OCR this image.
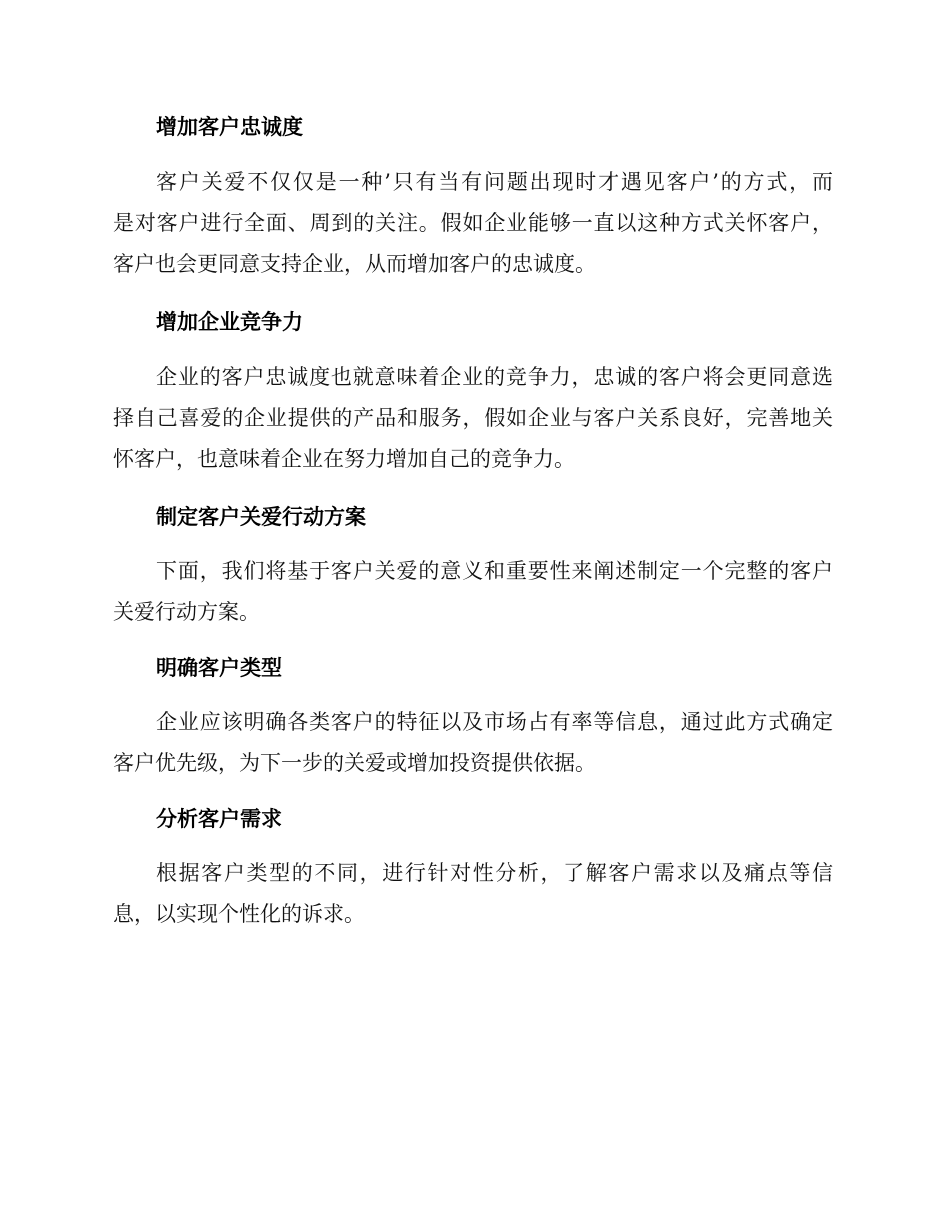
增加客户忠诚度
客户关爱不仅仅是一种’只有当有问题出现时才遇见客户’的方式，而
是对客户进行全面、周到的关注。假如企业能够一直以这种方式关怀客户，
客户也会更同意支持企业，从而增加客户的忠诚度。
增加企业竞争力
企业的客户忠诚度也就意味着企业的竞争力，忠诚的客户将会更同意选
择自己喜爱的企业提供的产品和服务，假如企业与客户关系良好，完善地关
怀客户，也意味着企业在努力增加自己的竞争力。
制定客户关爱行动方案
下面，我们将基于客户关爱的意义和重要性来阐述制定一个完整的客户
关爱行动方案。
明确客户类型
企业应该明确各类客户的特征以及市场占有率等信息，通过此方式确定
客户优先级，为下一步的关爱或增加投资提供依据。
分析客户需求
根据客户类型的不同，进行针对性分析，了解客户需求以及痛点等信
息，以实现个性化的诉求。
